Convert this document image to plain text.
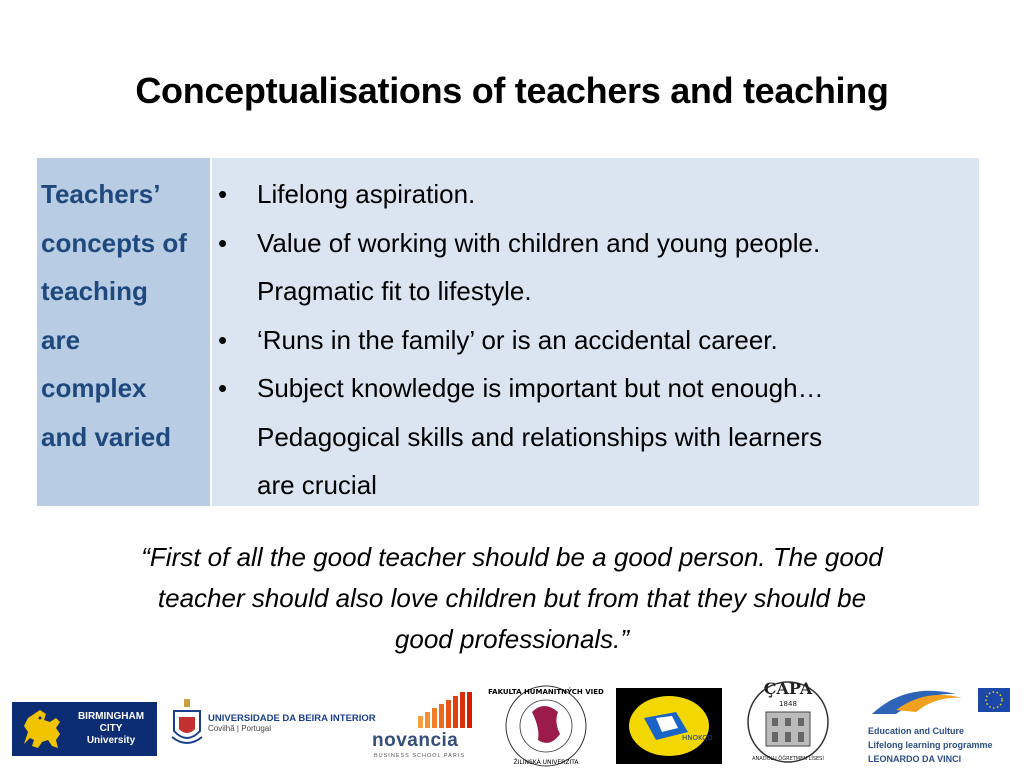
Conceptualisations of teachers and teaching
Teachers’
concepts of
teaching
are
complex
and varied
•	Lifelong aspiration.
•	Value of working with children and young people.
Pragmatic fit to lifestyle.
•	‘Runs in the family’ or is an accidental career.
•	Subject knowledge is important but not enough…
Pedagogical skills and relationships with learners
are crucial
“First of all the good teacher should be a good person. The good
teacher should also love children but from that they should be
good professionals.”
BIRMINGHAM
CITY
University
UNIVERSIDADE DA BEIRA INTERIOR
Covilhã | Portugal
novancia
BUSINESS SCHOOL PARIS
FAKULTA HUMANITNÝCH VIED
ŽILINSKÁ UNIVERZITA
HNOKCO
ÇAPA
1848
ANADOLU ÖĞRETMEN LİSESİ
Education and Culture
Lifelong learning programme
LEONARDO DA VINCI
